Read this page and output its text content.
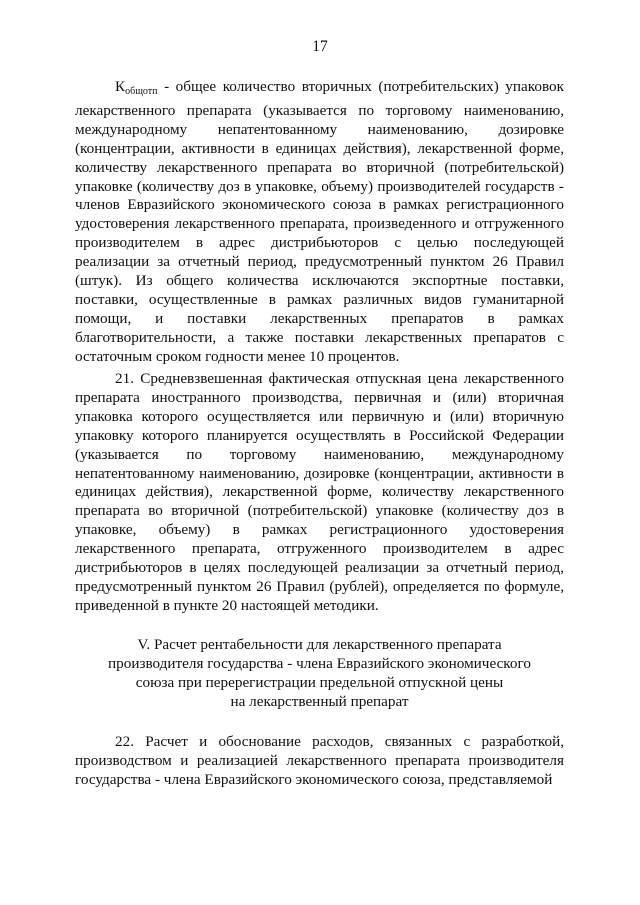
17

$К_{общотп}$ - общее количество вторичных (потребительских) упаковок лекарственного препарата (указывается по торговому наименованию, международному непатентованному наименованию, дозировке (концентрации, активности в единицах действия), лекарственной форме, количеству лекарственного препарата во вторичной (потребительской) упаковке (количеству доз в упаковке, объему) производителей государств - членов Евразийского экономического союза в рамках регистрационного удостоверения лекарственного препарата, произведенного и отгруженного производителем в адрес дистрибьюторов с целью последующей реализации за отчетный период, предусмотренный пунктом 26 Правил (штук). Из общего количества исключаются экспортные поставки, поставки, осуществленные в рамках различных видов гуманитарной помощи, и поставки лекарственных препаратов в рамках благотворительности, а также поставки лекарственных препаратов с остаточным сроком годности менее 10 процентов.

21. Средневзвешенная фактическая отпускная цена лекарственного препарата иностранного производства, первичная и (или) вторичная упаковка которого осуществляется или первичную и (или) вторичную упаковку которого планируется осуществлять в Российской Федерации (указывается по торговому наименованию, международному непатентованному наименованию, дозировке (концентрации, активности в единицах действия), лекарственной форме, количеству лекарственного препарата во вторичной (потребительской) упаковке (количеству доз в упаковке, объему) в рамках регистрационного удостоверения лекарственного препарата, отгруженного производителем в адрес дистрибьюторов в целях последующей реализации за отчетный период, предусмотренный пунктом 26 Правил (рублей), определяется по формуле, приведенной в пункте 20 настоящей методики.

V. Расчет рентабельности для лекарственного препарата
производителя государства - члена Евразийского экономического
союза при перерегистрации предельной отпускной цены
на лекарственный препарат

22. Расчет и обоснование расходов, связанных с разработкой, производством и реализацией лекарственного препарата производителя государства - члена Евразийского экономического союза, представляемой
